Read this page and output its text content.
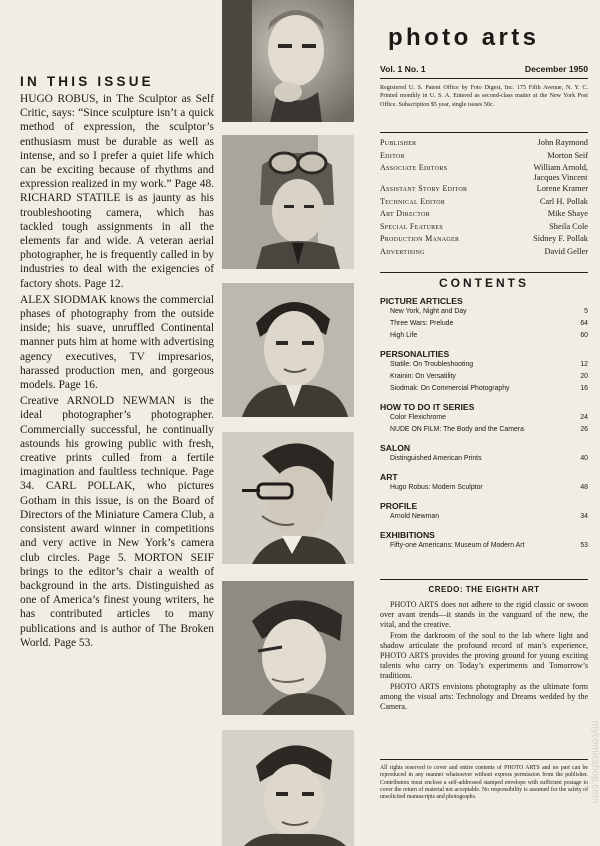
IN THIS ISSUE

HUGO ROBUS, in The Sculptor as Self Critic, says: “Since sculpture isn’t a quick method of expression, the sculptor’s enthusiasm must be durable as well as intense, and so I prefer a quiet life which can be exciting because of rhythms and expression realized in my work.” Page 48. RICHARD STATILE is as jaunty as his troubleshooting camera, which has tackled tough assignments in all the elements far and wide. A veteran aerial photographer, he is frequently called in by industries to deal with the exigencies of factory shots. Page 12.

ALEX SIODMAK knows the commercial phases of photography from the outside inside; his suave, unruffled Continental manner puts him at home with advertising agency executives, TV impresarios, harassed production men, and gorgeous models. Page 16.

Creative ARNOLD NEWMAN is the ideal photographer’s photographer. Commercially successful, he continually astounds his growing public with fresh, creative prints culled from a fertile imagination and faultless technique. Page 34. CARL POLLAK, who pictures Gotham in this issue, is on the Board of Directors of the Miniature Camera Club, a consistent award winner in competitions and very active in New York’s camera club circles. Page 5. MORTON SEIF brings to the editor’s chair a wealth of background in the arts. Distinguished as one of America’s finest young writers, he has contributed articles to many publications and is author of The Broken World. Page 53.

photo arts
Vol. 1 No. 1	December 1950
Registered U. S. Patent Office by Foto Digest, Inc. 175 Fifth Avenue, N. Y. C. Printed monthly in U. S. A. Entered as second-class matter at the New York Post Office. Subscription $5 year, single issues 50c.
Publisher	John Raymond
Editor	Morton Seif
Associate Editors	William Arnold,
Jacques Vincent
Assistant Story Editor	Lorene Kramer
Technical Editor	Carl H. Pollak
Art Director	Mike Shaye
Special Features	Sheila Cole
Production Manager	Sidney F. Pollak
Advertising	David Geller
CONTENTS
PICTURE ARTICLES
New York, Night and Day	5
Three Wars: Prelude	64
High Life	60
PERSONALITIES
Statile: On Troubleshooting	12
Krainin: On Versatility	20
Siodmak: On Commercial Photography	16
HOW TO DO IT SERIES
Color Flexichrome	24
NUDE ON FILM: The Body and the Camera	26
SALON
Distinguished American Prints	40
ART
Hugo Robus: Modern Sculptor	48
PROFILE
Arnold Newman	34
EXHIBITIONS
Fifty-one Americans: Museum of Modern Art	53
CREDO: THE EIGHTH ART

PHOTO ARTS does not adhere to the rigid classic or swoon over avant trends—it stands in the vanguard of the new, the vital, and the creative.

From the darkroom of the soul to the lab where light and shadow articulate the profound record of man’s experience, PHOTO ARTS provides the proving ground for young exciting talents who carry on Today’s experiments and Tomorrow’s traditions.

PHOTO ARTS envisions photography as the ultimate form among the visual arts: Technology and Dreams wedded by the Camera.

All rights reserved to cover and entire contents of PHOTO ARTS and no part can be reproduced in any manner whatsoever without express permission from the publisher. Contributors must enclose a self-addressed stamped envelope with sufficient postage to cover the return of material not acceptable. No responsibility is assumed for the safety of unsolicited manuscripts and photographs.	mycomicshop.com
